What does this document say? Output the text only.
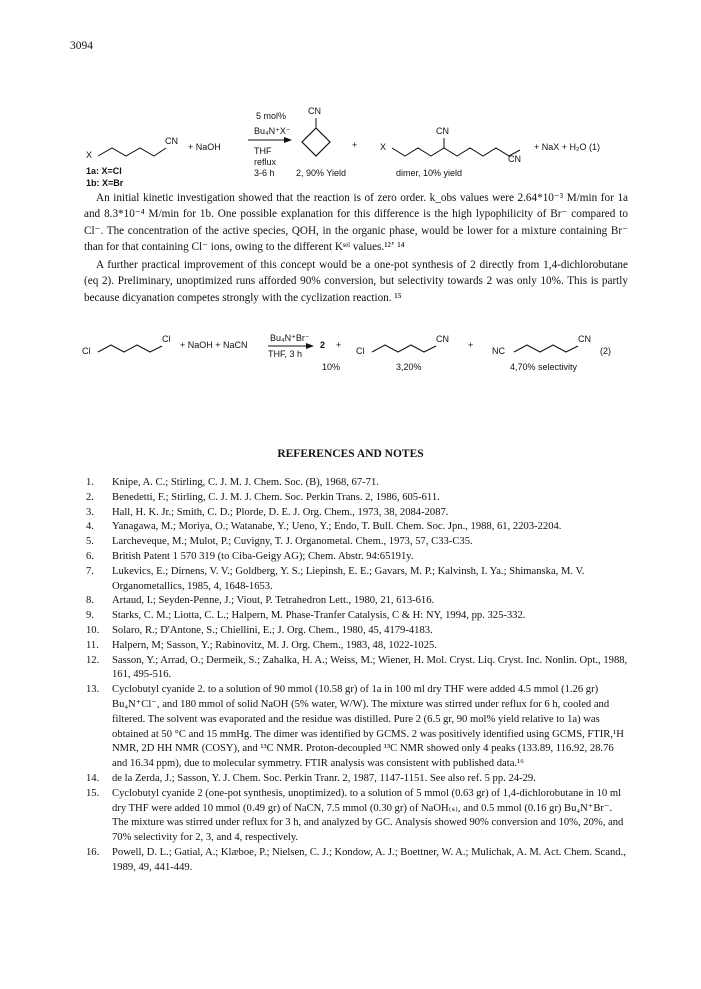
3094
X
CN
+ NaOH
1a: X=Cl
1b: X=Br
5 mol%
Bu₄N⁺X⁻
THF
reflux
3-6 h
CN
2, 90% Yield
+	X
CN
CN
dimer, 10% yield
+ NaX + H₂O (1)

An initial kinetic investigation showed that the reaction is of zero order. k_obs values were 2.64*10⁻³ M/min for 1a and 8.3*10⁻⁴ M/min for 1b. One possible explanation for this difference is the high lypophilicity of Br⁻ compared to Cl⁻. The concentration of the active species, QOH, in the organic phase, would be lower for a mixture containing Br⁻ than for that containing Cl⁻ ions, owing to the different Kˢᵉˡ values.¹²ʼ ¹⁴

A further practical improvement of this concept would be a one-pot synthesis of 2 directly from 1,4-dichlorobutane (eq 2). Preliminary, unoptimized runs afforded 90% conversion, but selectivity towards 2 was only 10%. This is partly because dicyanation competes strongly with the cyclization reaction. ¹⁵

Cl
Cl
+ NaOH + NaCN
Bu₄N⁺Br⁻
THF, 3 h
2 +
Cl
CN
+
NC
CN
(2)
10%	3,20%	4,70% selectivity
REFERENCES AND NOTES
1.	Knipe, A. C.; Stirling, C. J. M. J. Chem. Soc. (B), 1968, 67-71.
2.	Benedetti, F.; Stirling, C. J. M. J. Chem. Soc. Perkin Trans. 2, 1986, 605-611.
3.	Hall, H. K. Jr.; Smith, C. D.; Plorde, D. E. J. Org. Chem., 1973, 38, 2084-2087.
4.	Yanagawa, M.; Moriya, O.; Watanabe, Y.; Ueno, Y.; Endo, T. Bull. Chem. Soc. Jpn., 1988, 61, 2203-2204.
5.	Larcheveque, M.; Mulot, P.; Cuvigny, T. J. Organometal. Chem., 1973, 57, C33-C35.
6.	British Patent 1 570 319 (to Ciba-Geigy AG); Chem. Abstr. 94:65191y.
7.	Lukevics, E.; Dirnens, V. V.; Goldberg, Y. S.; Liepinsh, E. E.; Gavars, M. P.; Kalvinsh, I. Ya.; Shimanska, M. V. Organometallics, 1985, 4, 1648-1653.
8.	Artaud, I.; Seyden-Penne, J.; Viout, P. Tetrahedron Lett., 1980, 21, 613-616.
9.	Starks, C. M.; Liotta, C. L.; Halpern, M. Phase-Tranfer Catalysis, C & H: NY, 1994, pp. 325-332.
10.	Solaro, R.; D'Antone, S.; Chiellini, E.; J. Org. Chem., 1980, 45, 4179-4183.
11.	Halpern, M; Sasson, Y.; Rabinovitz, M. J. Org. Chem., 1983, 48, 1022-1025.
12.	Sasson, Y.; Arrad, O.; Dermeik, S.; Zahalka, H. A.; Weiss, M.; Wiener, H. Mol. Cryst. Liq. Cryst. Inc. Nonlin. Opt., 1988, 161, 495-516.
13.	Cyclobutyl cyanide 2. to a solution of 90 mmol (10.58 gr) of 1a in 100 ml dry THF were added 4.5 mmol (1.26 gr) Bu₄N⁺Cl⁻, and 180 mmol of solid NaOH (5% water, W/W). The mixture was stirred under reflux for 6 h, cooled and filtered. The solvent was evaporated and the residue was distilled. Pure 2 (6.5 gr, 90 mol% yield relative to 1a) was obtained at 50 °C and 15 mmHg. The dimer was identified by GCMS. 2 was positively identified using GCMS, FTIR,¹H NMR, 2D HH NMR (COSY), and ¹³C NMR. Proton-decoupled ¹³C NMR showed only 4 peaks (133.89, 116.92, 28.76 and 16.34 ppm), due to molecular symmetry. FTIR analysis was consistent with published data.¹⁶
14.	de la Zerda, J.; Sasson, Y. J. Chem. Soc. Perkin Tranr. 2, 1987, 1147-1151. See also ref. 5 pp. 24-29.
15.	Cyclobutyl cyanide 2 (one-pot synthesis, unoptimized). to a solution of 5 mmol (0.63 gr) of 1,4-dichlorobutane in 10 ml dry THF were added 10 mmol (0.49 gr) of NaCN, 7.5 mmol (0.30 gr) of NaOH₍ₛ₎, and 0.5 mmol (0.16 gr) Bu₄N⁺Br⁻. The mixture was stirred under reflux for 3 h, and analyzed by GC. Analysis showed 90% conversion and 10%, 20%, and 70% selectivity for 2, 3, and 4, respectively.
16.	Powell, D. L.; Gatial, A.; Klæboe, P.; Nielsen, C. J.; Kondow, A. J.; Boettner, W. A.; Mulichak, A. M. Act. Chem. Scand., 1989, 49, 441-449.
